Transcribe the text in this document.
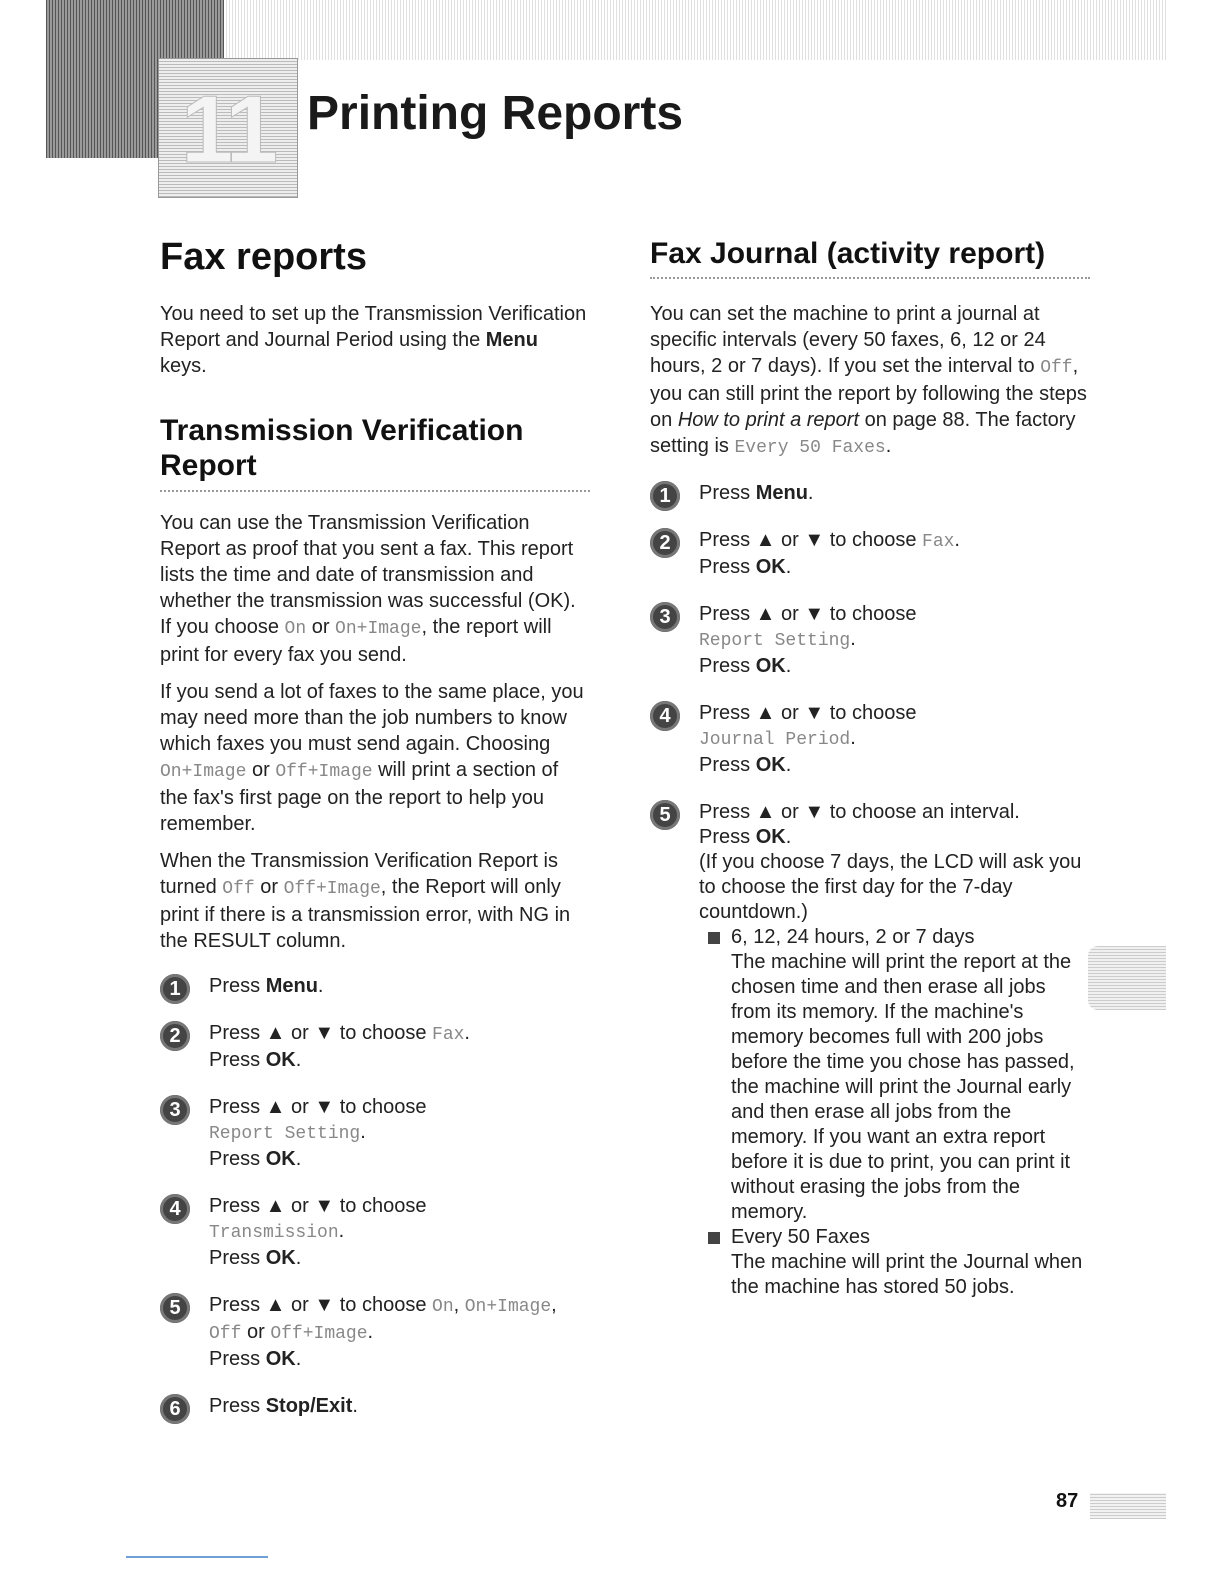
11 Printing Reports
Fax reports

You need to set up the Transmission Verification Report and Journal Period using the Menu keys.

Transmission Verification Report

You can use the Transmission Verification Report as proof that you sent a fax. This report lists the time and date of transmission and whether the transmission was successful (OK). If you choose On or On+Image, the report will print for every fax you send.

If you send a lot of faxes to the same place, you may need more than the job numbers to know which faxes you must send again. Choosing On+Image or Off+Image will print a section of the fax's first page on the report to help you remember.

When the Transmission Verification Report is turned Off or Off+Image, the Report will only print if there is a transmission error, with NG in the RESULT column.

1	Press Menu.
2	Press ▲ or ▼ to choose Fax.
Press OK.
3	Press ▲ or ▼ to choose
Report Setting.
Press OK.
4	Press ▲ or ▼ to choose
Transmission.
Press OK.
5	Press ▲ or ▼ to choose On, On+Image,
Off or Off+Image.
Press OK.
6	Press Stop/Exit.
Fax Journal (activity report)

You can set the machine to print a journal at specific intervals (every 50 faxes, 6, 12 or 24 hours, 2 or 7 days). If you set the interval to Off, you can still print the report by following the steps on How to print a report on page 88. The factory setting is Every 50 Faxes.

1	Press Menu.
2	Press ▲ or ▼ to choose Fax.
Press OK.
3	Press ▲ or ▼ to choose
Report Setting.
Press OK.
4	Press ▲ or ▼ to choose
Journal Period.
Press OK.
5	Press ▲ or ▼ to choose an interval.
Press OK.
(If you choose 7 days, the LCD will ask you to choose the first day for the 7-day countdown.)
6, 12, 24 hours, 2 or 7 days
The machine will print the report at the chosen time and then erase all jobs from its memory. If the machine's memory becomes full with 200 jobs before the time you chose has passed, the machine will print the Journal early and then erase all jobs from the memory. If you want an extra report before it is due to print, you can print it without erasing the jobs from the memory.
Every 50 Faxes
The machine will print the Journal when the machine has stored 50 jobs.
87
